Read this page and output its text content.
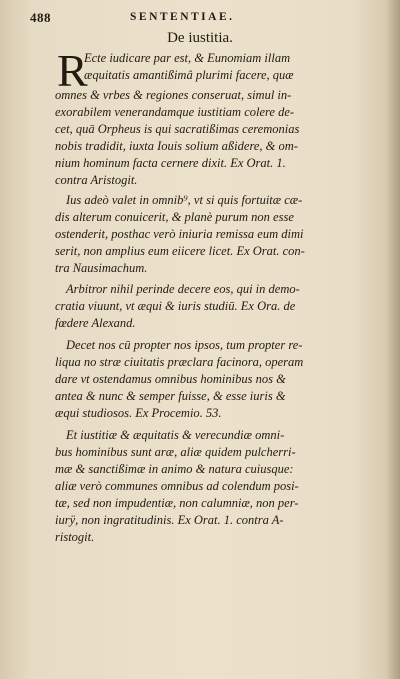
488	SENTENTIAE.
De iustitia.
R
Ecte iudicare par est, & Eunomiam illam
æquitatis amantißimâ plurimi facere, quæ
omnes & vrbes & regiones conseruat, simul in-
exorabilem venerandamque iustitiam colere de-
cet, quā Orpheus is qui sacratißimas ceremonias
nobis tradidit, iuxta Iouis solium aßidere, & om-
nium hominum facta cernere dixit. Ex Orat. 1.
contra Aristogit.
Ius adeò valet in omnib⁹, vt si quis fortuitæ cæ-
dis alterum conuicerit, & planè purum non esse
ostenderit, posthac verò iniuria remissa eum dimi
serit, non amplius eum eiicere licet. Ex Orat. con-
tra Nausimachum.
Arbitror nihil perinde decere eos, qui in demo-
cratia viuunt, vt æqui & iuris studiū. Ex Ora. de
fœdere Alexand.
Decet nos cū propter nos ipsos, tum propter re-
liqua no stræ ciuitatis præclara facinora, operam
dare vt ostendamus omnibus hominibus nos &
antea & nunc & semper fuisse, & esse iuris &
æqui studiosos. Ex Procemio. 53.
Et iustitiæ & æquitatis & verecundiæ omni-
bus hominibus sunt aræ, aliæ quidem pulcherri-
mæ & sanctißimæ in animo & natura cuiusque:
aliæ verò communes omnibus ad colendum posi-
tæ, sed non impudentiæ, non calumniæ, non per-
iurÿ, non ingratitudinis. Ex Orat. 1. contra A-
ristogit.
